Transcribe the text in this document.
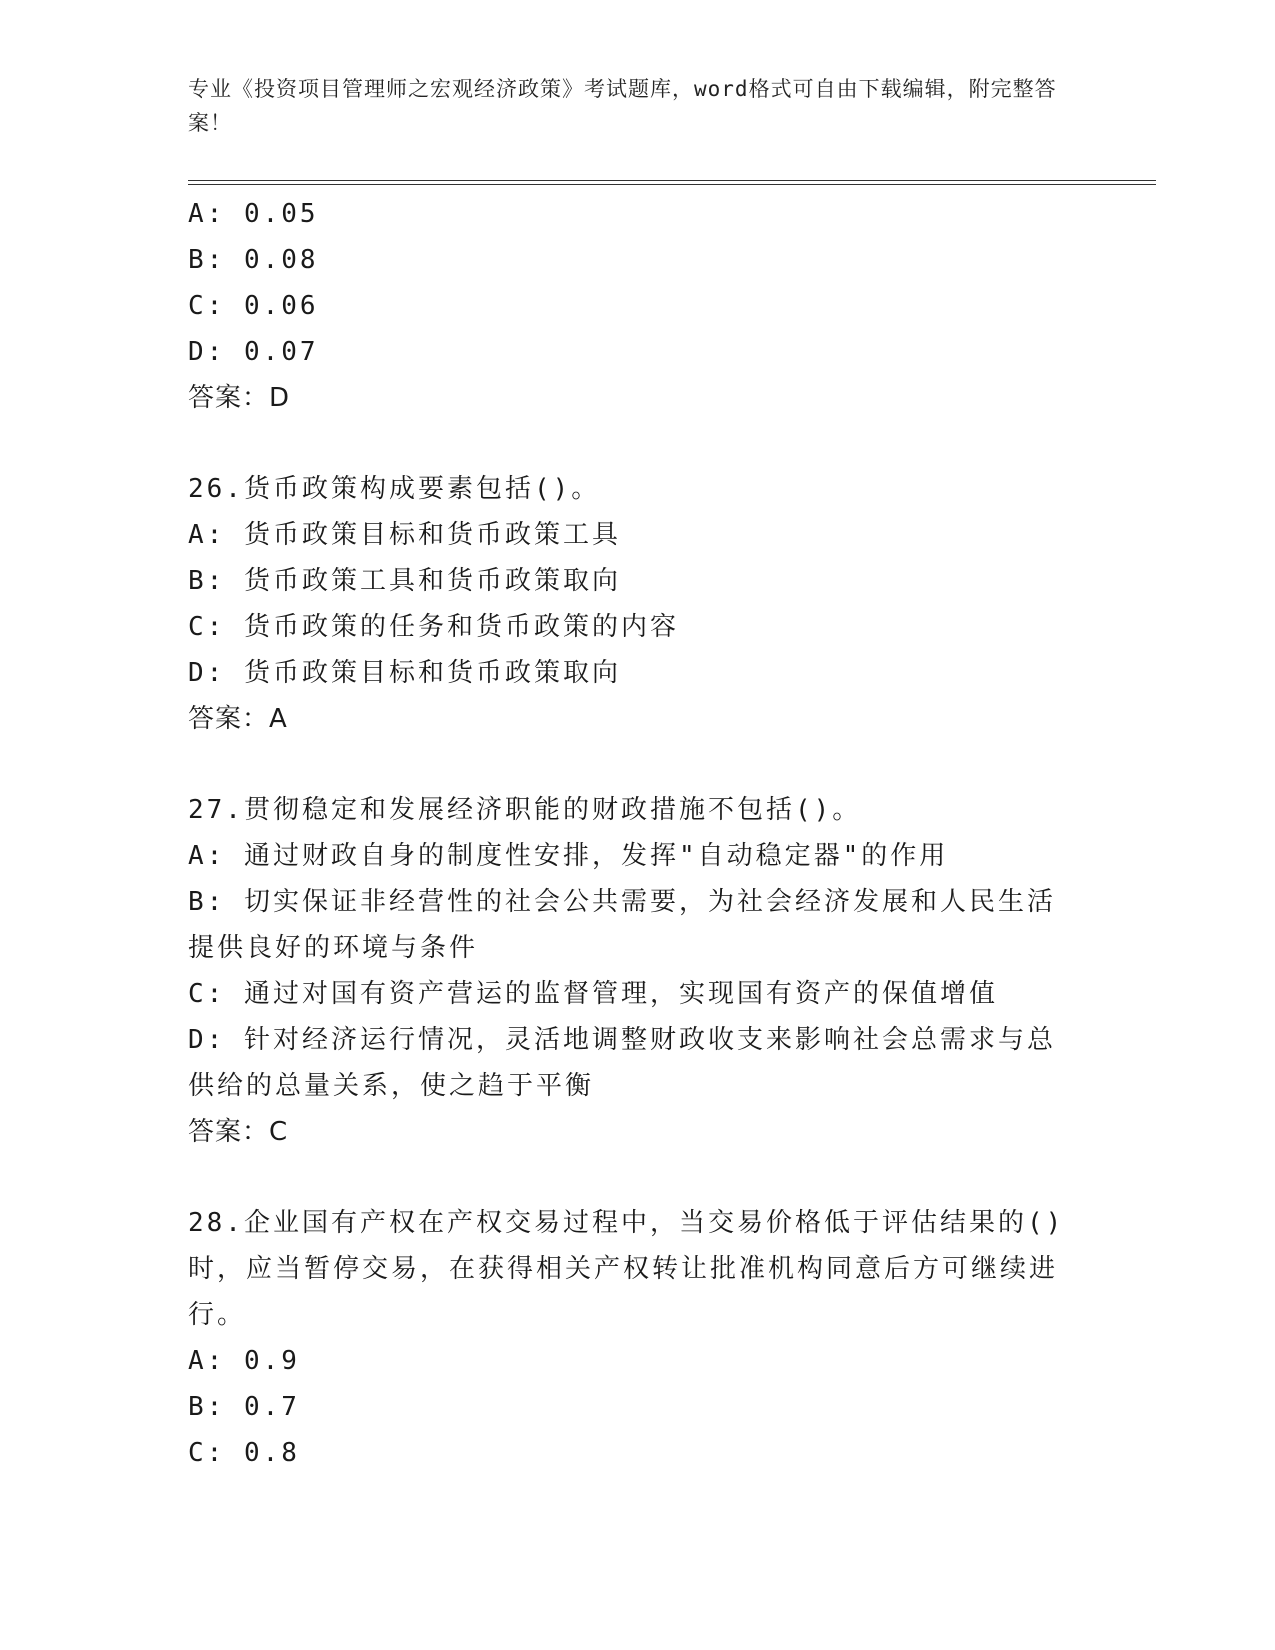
专业《投资项目管理师之宏观经济政策》考试题库，word格式可自由下载编辑，附完整答案！

A: 0.05

B: 0.08

C: 0.06

D: 0.07

答案：D

26.货币政策构成要素包括()。

A: 货币政策目标和货币政策工具

B: 货币政策工具和货币政策取向

C: 货币政策的任务和货币政策的内容

D: 货币政策目标和货币政策取向

答案：A

27.贯彻稳定和发展经济职能的财政措施不包括()。

A: 通过财政自身的制度性安排，发挥"自动稳定器"的作用

B: 切实保证非经营性的社会公共需要，为社会经济发展和人民生活提供良好的环境与条件

C: 通过对国有资产营运的监督管理，实现国有资产的保值增值

D: 针对经济运行情况，灵活地调整财政收支来影响社会总需求与总供给的总量关系，使之趋于平衡

答案：C

28.企业国有产权在产权交易过程中，当交易价格低于评估结果的()时，应当暂停交易，在获得相关产权转让批准机构同意后方可继续进行。

A: 0.9

B: 0.7

C: 0.8
